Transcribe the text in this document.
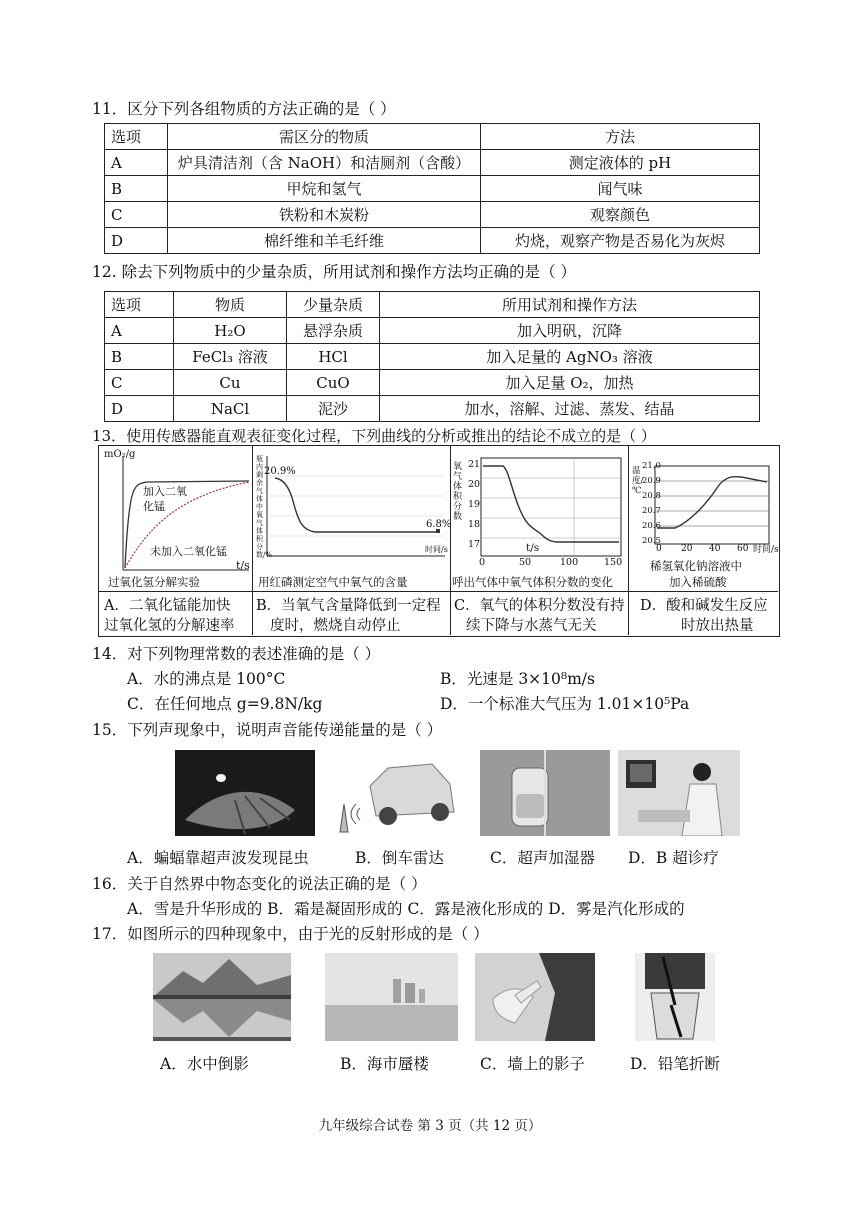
11．区分下列各组物质的方法正确的是（ ）
选项	需区分的物质	方法
A	炉具清洁剂（含 NaOH）和洁厕剂（含酸）	测定液体的 pH
B	甲烷和氢气	闻气味
C	铁粉和木炭粉	观察颜色
D	棉纤维和羊毛纤维	灼烧，观察产物是否易化为灰烬
12. 除去下列物质中的少量杂质，所用试剂和操作方法均正确的是（ ）
选项	物质	少量杂质	所用试剂和操作方法
A	H₂O	悬浮杂质	加入明矾，沉降
B	FeCl₃ 溶液	HCl	加入足量的 AgNO₃ 溶液
C	Cu	CuO	加入足量 O₂，加热
D	NaCl	泥沙	加水，溶解、过滤、蒸发、结晶
13．使用传感器能直观表征变化过程，下列曲线的分析或推出的结论不成立的是（ ）
mO₂/g
加入二氧化锰
未加入二氧化锰
t/s
过氧化氢分解实验
20.9%
6.8%
时间/s
瓶内剩余气体中氧气体积分数/%
用红磷测定空气中氧气的含量
21
20
19
18
17
0	50	100	150
t/s
氧气体积分数
呼出气体中氧气体积分数的变化
21.0
20.9
20.8
20.7
20.6
20.5
0 20 40 60 时间/s
温度/℃
稀氢氧化钠溶液中
加入稀硫酸
A．二氧化锰能加快
过氧化氢的分解速率
B．当氧气含量降低到一定程
度时，燃烧自动停止
C．氧气的体积分数没有持
续下降与水蒸气无关
D．酸和碱发生反应
时放出热量
14．对下列物理常数的表述准确的是（ ）
A．水的沸点是 100°C	B．光速是 3×10⁸m/s
C．在任何地点 g=9.8N/kg	D．一个标准大气压为 1.01×10⁵Pa
15．下列声现象中，说明声音能传递能量的是（ ）
A．蝙蝠靠超声波发现昆虫	B．倒车雷达	C．超声加湿器 D．B 超诊疗
16．关于自然界中物态变化的说法正确的是（ ）
A．雪是升华形成的 B．霜是凝固形成的 C．露是液化形成的 D．雾是汽化形成的
17．如图所示的四种现象中，由于光的反射形成的是（ ）
A．水中倒影	B．海市蜃楼	C．墙上的影子	D．铅笔折断
九年级综合试卷 第 3 页（共 12 页）
